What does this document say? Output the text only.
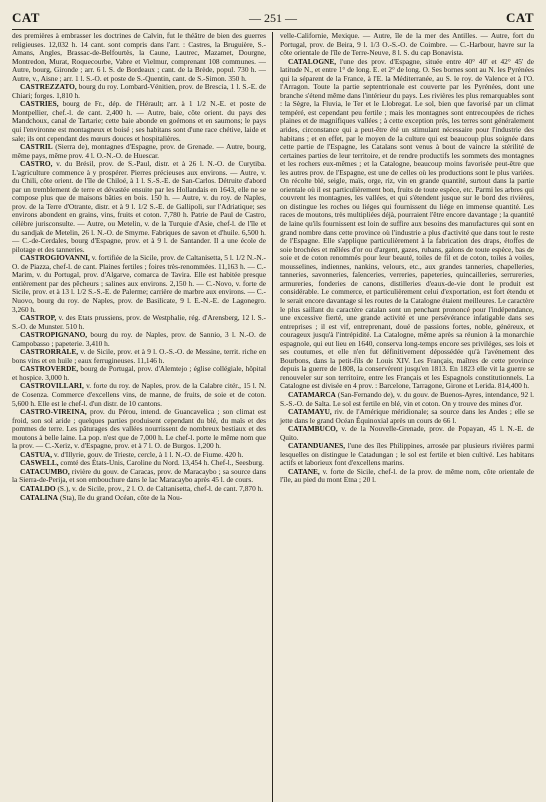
CAT	— 251 —	CAT

des premières à embrasser les doctrines de Calvin, fut le théâtre de bien des guerres religieuses. 12,032 h. 14 cant. sont compris dans l'arr. : Castres, la Bruguière, S.-Amans, Angles, Brassac-de-Belfourtès, la Caune, Lautrec, Mazamet, Dourgne, Montredon, Murat, Roquecourbe, Vabre et Vielmur, comprenant 108 communes. — Autre, bourg, Gironde ; arr. 6 l. S. de Bordeaux ; cant. de la Brède, popul. 730 h. — Autre, v., Aisne ; arr. 1 l. S.-O. et poste de S.-Quentin, cant. de S.-Simon. 350 h.

CASTREZZATO, bourg du roy. Lombard-Vénitien, prov. de Brescia, 1 l. S.-E. de Chiari; forges. 1,810 h.

CASTRIES, bourg de Fr., dép. de l'Hérault; arr. à 1 1/2 N.-E. et poste de Montpellier, chef.-l. de cant. 2,400 h. — Autre, baie, côte orient. du pays des Mandchoux, canal de Tartarie; cette baie abonde en goémons et en saumons; le pays qui l'environne est montagneux et boisé ; ses habitans sont d'une race chétive, laide et sale; ils ont cependant des mœurs douces et hospitalières.

CASTRIL (Sierra de), montagnes d'Espagne, prov. de Grenade. — Autre, bourg, même pays, même prov. 4 l. O.-N.-O. de Huescar.

CASTRO, v. du Brésil, prov. de S.-Paul, distr. et à 26 l. N.-O. de Curytiba. L'agriculture commence à y prospérer. Pierres précieuses aux environs. — Autre, v. du Chili, côte orient. de l'île de Chiloé, à 1 l. S.-S.-E. de San-Carlos. Détruite d'abord par un tremblement de terre et dévastée ensuite par les Hollandais en 1643, elle ne se compose plus que de maisons bâties en bois. 150 h. — Autre, v. du roy. de Naples, prov. de la Terre d'Otrante, distr. et à 9 l. 1/2 S.-E. de Gallipoli, sur l'Adriatique; ses environs abondent en grains, vins, fruits et coton. 7,780 h. Patrie de Paul de Castro, célèbre jurisconsulte. — Autre, ou Metelin, v. de la Turquie d'Asie, chef-l. de l'île et du sandjak de Metelin, 26 l. N.-O. de Smyrne. Fabriques de savon et d'huile. 6,500 h. — C.-de-Cerdales, bourg d'Espagne, prov. et à 9 l. de Santander. Il a une école de pilotage et des tanneries.

CASTROGIOVANNI, v. fortifiée de la Sicile, prov. de Caltanisetta, 5 l. 1/2 N.-N.-O. de Piazza, chef-l. de cant. Plaines fertiles ; foires très-renommées. 11,163 h. — C.-Marim, v. du Portugal, prov. d'Algarve, comarca de Tavira. Elle est habitée presque entièrement par des pêcheurs ; salines aux environs. 2,150 h. — C.-Novo, v. forte de Sicile, prov. et à 13 l. 1/2 S.-S.-E. de Palerme; carrière de marbre aux environs. — C.-Nuovo, bourg du roy. de Naples, prov. de Basilicate, 9 l. E.-N.-E. de Lagonegro. 3,260 h.

CASTROP, v. des Etats prussiens, prov. de Westphalie, rég. d'Arensberg, 12 l. S.-S.-O. de Munster. 510 h.

CASTROPIGNANO, bourg du roy. de Naples, prov. de Sannio, 3 l. N.-O. de Campobasso ; papeterie. 3,410 h.

CASTRORRALE, v. de Sicile, prov. et à 9 l. O.-S.-O. de Messine, territ. riche en bons vins et en huile ; eaux ferrugineuses. 11,146 h.

CASTROVERDE, bourg de Portugal, prov. d'Alemtejo ; église collégiale, hôpital et hospice. 3,000 h.

CASTROVILLARI, v. forte du roy. de Naples, prov. de la Calabre citér., 15 l. N. de Cosenza. Commerce d'excellens vins, de manne, de fruits, de soie et de coton. 5,600 h. Elle est le chef-l. d'un distr. de 10 cantons.

CASTRO-VIREINA, prov. du Pérou, intend. de Guancavelica ; son climat est froid, son sol aride ; quelques parties produisent cependant du blé, du maïs et des pommes de terre. Les pâturages des vallées nourrissent de nombreux bestiaux et des moutons à belle laine. La pop. n'est que de 7,000 h. Le chef-l. porte le même nom que la prov. — C.-Xeriz, v. d'Espagne, prov. et à 7 l. O. de Burgos. 1,200 h.

CASTUA, v. d'Illyrie, gouv. de Trieste, cercle, à 1 l. N.-O. de Fiume. 420 h.

CASWELL, comté des États-Unis, Caroline du Nord. 13,454 h. Chef-l., Seesburg.

CATACUMBO, rivière du gouv. de Caracas, prov. de Maracaybo ; sa source dans la Sierra-de-Perija, et son embouchure dans le lac Maracaybo après 45 l. de cours.

CATALDO (S.), v. de Sicile, prov., 2 l. O. de Caltanisetta, chef-l. de cant. 7,870 h.

CATALINA (Sta), île du grand Océan, côte de la Nou-

velle-Californie, Mexique. — Autre, île de la mer des Antilles. — Autre, fort du Portugal, prov. de Beira, 9 l. 1/3 O.-S.-O. de Coimbre. — C.-Harbour, havre sur la côte orientale de l'île de Terre-Neuve, 8 l. S. du cap Bonavista.

CATALOGNE, l'une des prov. d'Espagne, située entre 40° 40' et 42° 45' de latitude N., et entre 1° de long. E. et 2° de long. O. Ses bornes sont au N. les Pyrénées qui la séparent de la France, à l'E. la Méditerranée, au S. le roy. de Valence et à l'O. l'Arragon. Toute la partie septentrionale est couverte par les Pyrénées, dont une branche s'étend même dans l'intérieur du pays. Les rivières les plus remarquables sont : la Sègre, la Fluvia, le Ter et le Llobregat. Le sol, bien que favorisé par un climat tempéré, est cependant peu fertile ; mais les montagnes sont entrecoupées de riches plaines et de magnifiques vallées ; à cette exception près, les terres sont généralement arides, circonstance qui a peut-être été un stimulant nécessaire pour l'industrie des habitans ; et en effet, par le moyen de la culture qui est beaucoup plus soignée dans cette partie de l'Espagne, les Catalans sont venus à bout de vaincre la stérilité de certaines parties de leur territoire, et de rendre productifs les sommets des montagnes et les rochers eux-mêmes ; et la Catalogne, beaucoup moins favorisée peut-être que les autres prov. de l'Espagne, est une de celles où les productions sont le plus variées. On récolte blé, seigle, maïs, orge, riz, vin en grande quantité, surtout dans la partie orientale où il est particulièrement bon, fruits de toute espèce, etc. Parmi les arbres qui couvrent les montagnes, les vallées, et qui s'étendent jusque sur le bord des rivières, on distingue les roches ou liéges qui fournissent du liége en immense quantité. Les races de moutons, très multipliées déjà, pourraient l'être encore davantage ; la quantité de laine qu'ils fournissent est loin de suffire aux besoins des manufactures qui sont en grand nombre dans cette province où l'industrie a plus d'activité que dans tout le reste de l'Espagne. Elle s'applique particulièrement à la fabrication des draps, étoffes de soie brochées et mêlées d'or ou d'argent, gazes, rubans, galons de toute espèce, bas de soie et de coton renommés pour leur beauté, toiles de fil et de coton, toiles à voiles, mousselines, indiennes, nankins, velours, etc., aux grandes tanneries, chapelleries, tanneries, savonneries, faïenceries, verreries, papeteries, quincailleries, serrureries, armureries, fonderies de canons, distilleries d'eaux-de-vie dont le produit est considérable. Le commerce, et particulièrement celui d'exportation, est fort étendu et le serait encore davantage si les routes de la Catalogne étaient meilleures. Le caractère le plus saillant du caractère catalan sont un penchant prononcé pour l'indépendance, une excessive fierté, une grande activité et une persévérance infatigable dans ses entreprises ; il est vif, entreprenant, doué de passions fortes, noble, généreux, et courageux jusqu'à l'intrépidité. La Catalogne, même après sa réunion à la monarchie espagnole, qui eut lieu en 1640, conserva long-temps encore ses priviléges, ses lois et ses coutumes, et elle n'en fut définitivement dépossédée qu'à l'avénement des Bourbons, dans la petit-fils de Louis XIV. Les Français, maîtres de cette province depuis la guerre de 1808, la conservèrent jusqu'en 1813. En 1823 elle vit la guerre se renouveler sur son territoire, entre les Français et les Espagnols constitutionnels. La Catalogne est divisée en 4 prov. : Barcelone, Tarragone, Girone et Lerida. 814,400 h.

CATAMARCA (San-Fernando de), v. du gouv. de Buenos-Ayres, intendance, 92 l. S.-S.-O. de Salta. Le sol est fertile en blé, vin et coton. On y trouve des mines d'or.

CATAMAYU, riv. de l'Amérique méridionale; sa source dans les Andes ; elle se jette dans le grand Océan Équinoxial après un cours de 66 l.

CATAMBUCO, v. de la Nouvelle-Grenade, prov. de Popayan, 45 l. N.-E. de Quito.

CATANDUANES, l'une des îles Philippines, arrosée par plusieurs rivières parmi lesquelles on distingue le Catadungan ; le sol est fertile et bien cultivé. Les habitans actifs et laborieux font d'excellens marins.

CATANE, v. forte de Sicile, chef-l. de la prov. de même nom, côte orientale de l'île, au pied du mont Etna ; 20 l.
